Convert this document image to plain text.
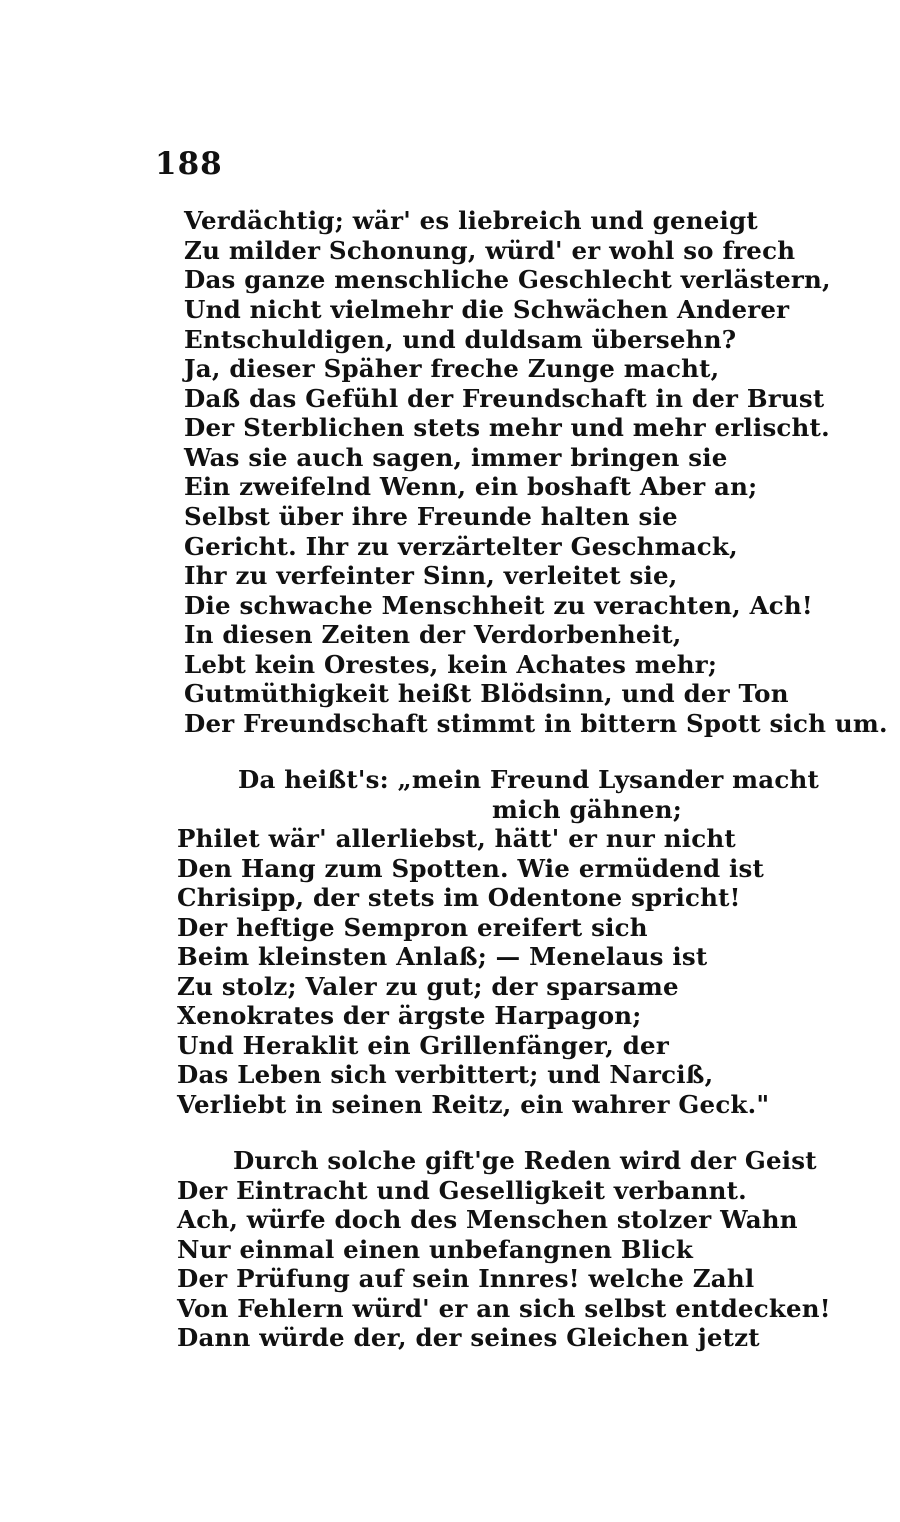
188
Verdächtig; wär' es liebreich und geneigt
Zu milder Schonung, würd' er wohl so frech
Das ganze menschliche Geschlecht verlästern,
Und nicht vielmehr die Schwächen Anderer
Entschuldigen, und duldsam übersehn?
Ja, dieser Späher freche Zunge macht,
Daß das Gefühl der Freundschaft in der Brust
Der Sterblichen stets mehr und mehr erlischt.
Was sie auch sagen, immer bringen sie
Ein zweifelnd Wenn, ein boshaft Aber an;
Selbst über ihre Freunde halten sie
Gericht. Ihr zu verzärtelter Geschmack,
Ihr zu verfeinter Sinn, verleitet sie,
Die schwache Menschheit zu verachten, Ach!
In diesen Zeiten der Verdorbenheit,
Lebt kein Orestes, kein Achates mehr;
Gutmüthigkeit heißt Blödsinn, und der Ton
Der Freundschaft stimmt in bittern Spott sich um.
Da heißt's: „mein Freund Lysander macht
mich gähnen;
Philet wär' allerliebst, hätt' er nur nicht
Den Hang zum Spotten. Wie ermüdend ist
Chrisipp, der stets im Odentone spricht!
Der heftige Sempron ereifert sich
Beim kleinsten Anlaß; — Menelaus ist
Zu stolz; Valer zu gut; der sparsame
Xenokrates der ärgste Harpagon;
Und Heraklit ein Grillenfänger, der
Das Leben sich verbittert; und Narciß,
Verliebt in seinen Reitz, ein wahrer Geck."
Durch solche gift'ge Reden wird der Geist
Der Eintracht und Geselligkeit verbannt.
Ach, würfe doch des Menschen stolzer Wahn
Nur einmal einen unbefangnen Blick
Der Prüfung auf sein Innres! welche Zahl
Von Fehlern würd' er an sich selbst entdecken!
Dann würde der, der seines Gleichen jetzt
